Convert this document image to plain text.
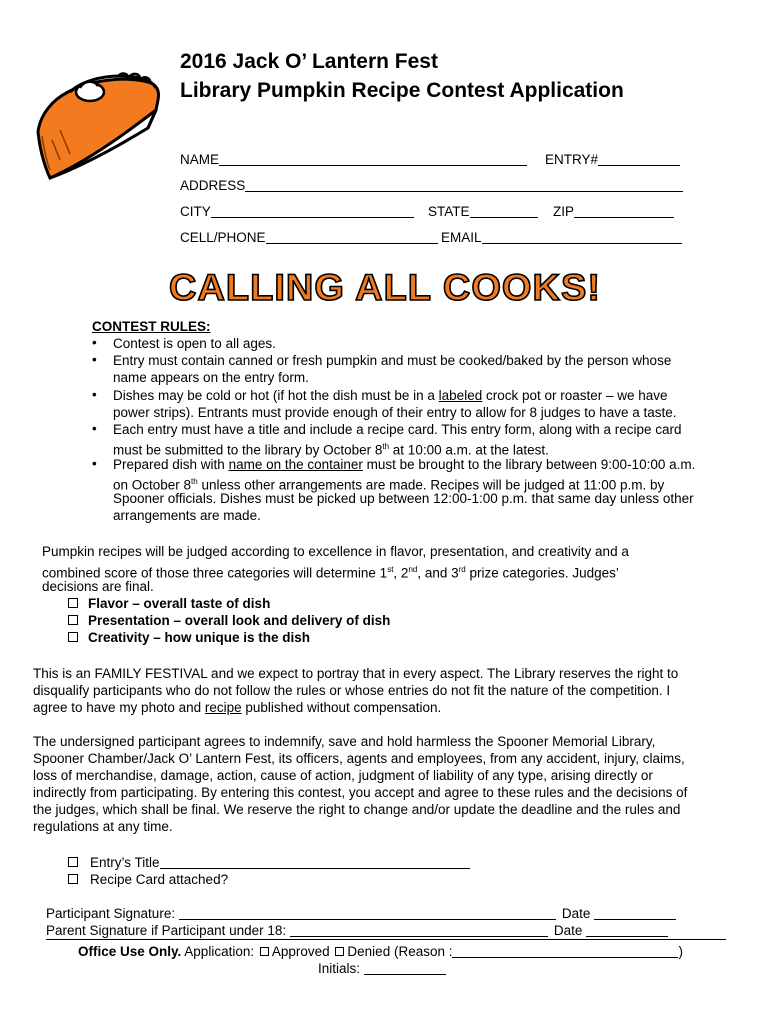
2016 Jack O’ Lantern Fest
Library Pumpkin Recipe Contest Application
NAME	ENTRY#
ADDRESS
CITY	STATE	ZIP
CELL/PHONE	EMAIL
CALLING ALL COOKS!
CONTEST RULES:
• Contest is open to all ages.
• Entry must contain canned or fresh pumpkin and must be cooked/baked by the person whose
name appears on the entry form.
• Dishes may be cold or hot (if hot the dish must be in a labeled crock pot or roaster – we have
power strips). Entrants must provide enough of their entry to allow for 8 judges to have a taste.
• Each entry must have a title and include a recipe card. This entry form, along with a recipe card
must be submitted to the library by October 8th at 10:00 a.m. at the latest.
• Prepared dish with name on the container must be brought to the library between 9:00-10:00 a.m.
on October 8th unless other arrangements are made. Recipes will be judged at 11:00 p.m. by
Spooner officials. Dishes must be picked up between 12:00-1:00 p.m. that same day unless other
arrangements are made.
Pumpkin recipes will be judged according to excellence in flavor, presentation, and creativity and a
combined score of those three categories will determine 1st, 2nd, and 3rd prize categories. Judges’
decisions are final.
Flavor – overall taste of dish
Presentation – overall look and delivery of dish
Creativity – how unique is the dish
This is an FAMILY FESTIVAL and we expect to portray that in every aspect. The Library reserves the right to
disqualify participants who do not follow the rules or whose entries do not fit the nature of the competition. I
agree to have my photo and recipe published without compensation.
The undersigned participant agrees to indemnify, save and hold harmless the Spooner Memorial Library,
Spooner Chamber/Jack O’ Lantern Fest, its officers, agents and employees, from any accident, injury, claims,
loss of merchandise, damage, action, cause of action, judgment of liability of any type, arising directly or
indirectly from participating. By entering this contest, you accept and agree to these rules and the decisions of
the judges, which shall be final. We reserve the right to change and/or update the deadline and the rules and
regulations at any time.
Entry’s Title
Recipe Card attached?
Participant Signature:	Date
Parent Signature if Participant under 18:	Date
Office Use Only. Application: Approved Denied (Reason :	)
Initials:
